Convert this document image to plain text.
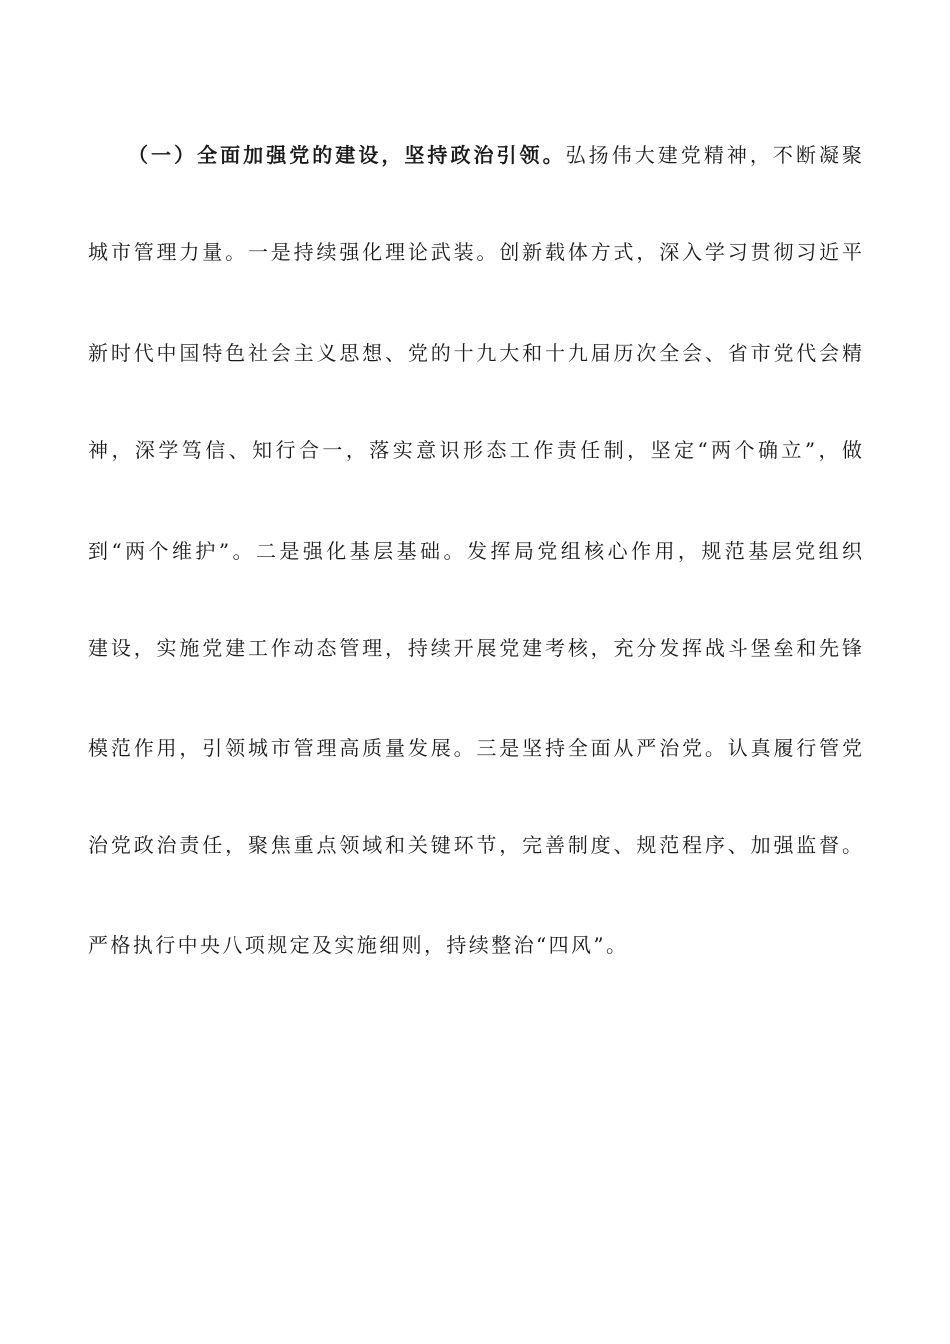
（一）全面加强党的建设，坚持政治引领。弘扬伟大建党精神，不断凝聚
城市管理力量。一是持续强化理论武装。创新载体方式，深入学习贯彻习近平
新时代中国特色社会主义思想、党的十九大和十九届历次全会、省市党代会精
神，深学笃信、知行合一，落实意识形态工作责任制，坚定“两个确立”，做
到“两个维护”。二是强化基层基础。发挥局党组核心作用，规范基层党组织
建设，实施党建工作动态管理，持续开展党建考核，充分发挥战斗堡垒和先锋
模范作用，引领城市管理高质量发展。三是坚持全面从严治党。认真履行管党
治党政治责任，聚焦重点领域和关键环节，完善制度、规范程序、加强监督。
严格执行中央八项规定及实施细则，持续整治“四风”。
